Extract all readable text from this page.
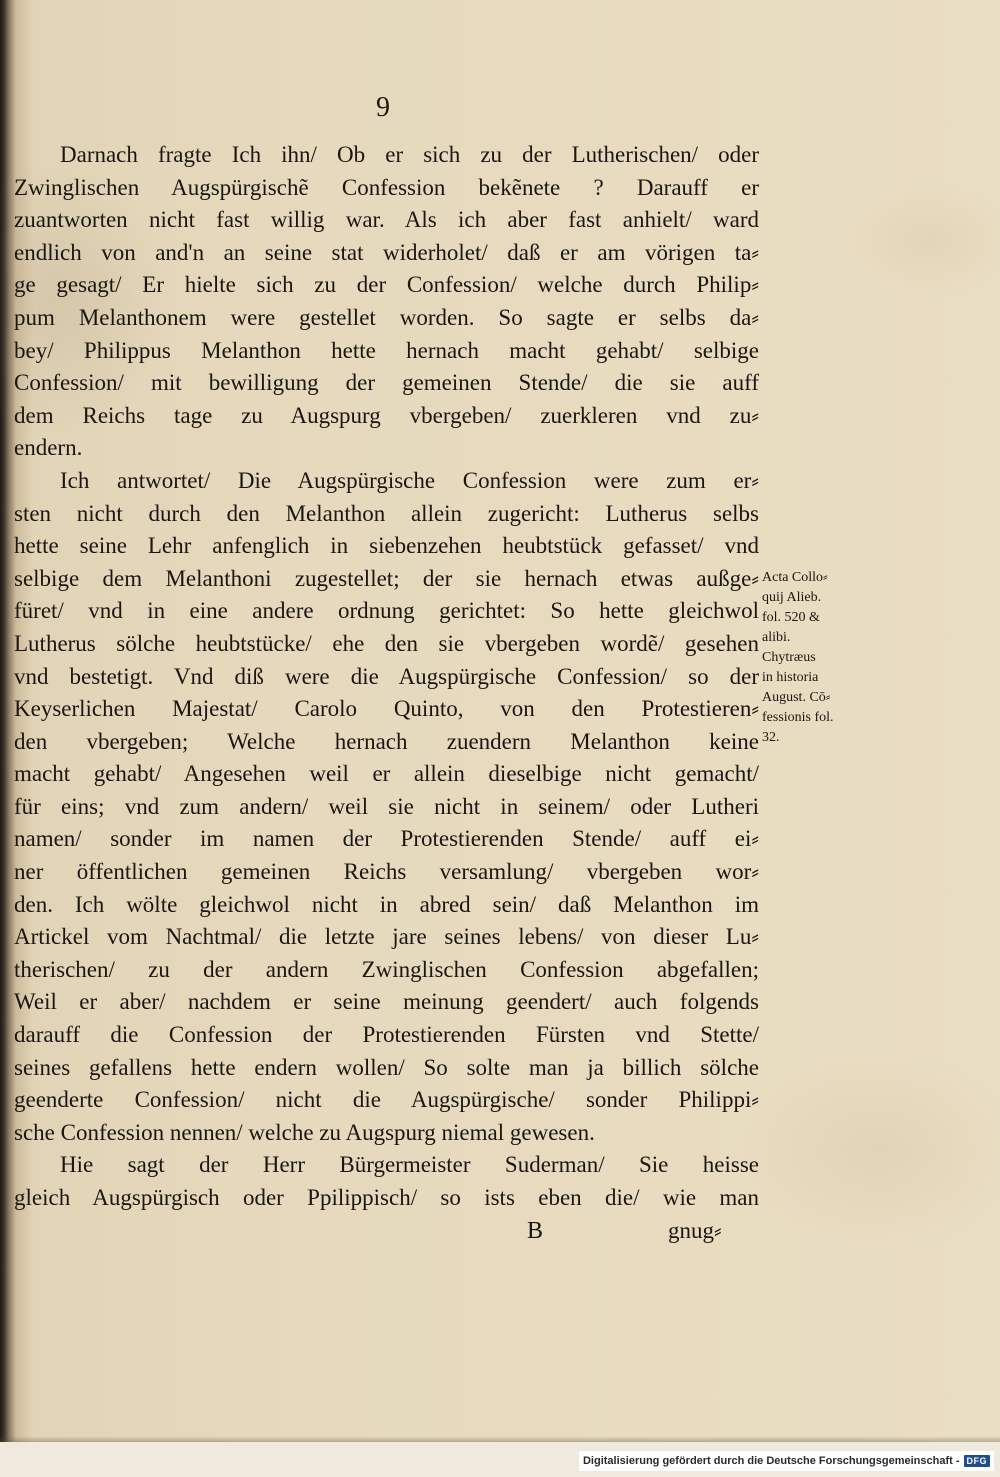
9
Darnach fragte Ich ihn/ Ob er sich zu der Lutherischen/ oder
Zwinglischen Augspürgischẽ Confession bekẽnete ? Darauff er
zuantworten nicht fast willig war. Als ich aber fast anhielt/ ward
endlich von and'n an seine stat widerholet/ daß er am vörigen ta⸗
ge gesagt/ Er hielte sich zu der Confession/ welche durch Philip⸗
pum Melanthonem were gestellet worden. So sagte er selbs da⸗
bey/ Philippus Melanthon hette hernach macht gehabt/ selbige
Confession/ mit bewilligung der gemeinen Stende/ die sie auff
dem Reichs tage zu Augspurg vbergeben/ zuerkleren vnd zu⸗
endern.
Ich antwortet/ Die Augspürgische Confession were zum er⸗
sten nicht durch den Melanthon allein zugericht: Lutherus selbs
hette seine Lehr anfenglich in siebenzehen heubtstück gefasset/ vnd
selbige dem Melanthoni zugestellet; der sie hernach etwas außge⸗
füret/ vnd in eine andere ordnung gerichtet: So hette gleichwol
Lutherus sölche heubtstücke/ ehe den sie vbergeben wordẽ/ gesehen
vnd bestetigt. Vnd diß were die Augspürgische Confession/ so der
Keyserlichen Majestat/ Carolo Quinto, von den Protestieren⸗
den vbergeben; Welche hernach zuendern Melanthon keine
macht gehabt/ Angesehen weil er allein dieselbige nicht gemacht/
für eins; vnd zum andern/ weil sie nicht in seinem/ oder Lutheri
namen/ sonder im namen der Protestierenden Stende/ auff ei⸗
ner öffentlichen gemeinen Reichs versamlung/ vbergeben wor⸗
den. Ich wölte gleichwol nicht in abred sein/ daß Melanthon im
Artickel vom Nachtmal/ die letzte jare seines lebens/ von dieser Lu⸗
therischen/ zu der andern Zwinglischen Confession abgefallen;
Weil er aber/ nachdem er seine meinung geendert/ auch folgends
darauff die Confession der Protestierenden Fürsten vnd Stette/
seines gefallens hette endern wollen/ So solte man ja billich sölche
geenderte Confession/ nicht die Augspürgische/ sonder Philippi⸗
sche Confession nennen/ welche zu Augspurg niemal gewesen.
Hie sagt der Herr Bürgermeister Suderman/ Sie heisse
gleich Augspürgisch oder Ppilippisch/ so ists eben die/ wie man
Acta Collo⸗
quij Alieb.
fol. 520 &
alibi.
Chytræus
in historia
August. Cō⸗
fessionis fol.
32.
B	gnug⸗
Digitalisierung gefördert durch die Deutsche Forschungsgemeinschaft - DFG
